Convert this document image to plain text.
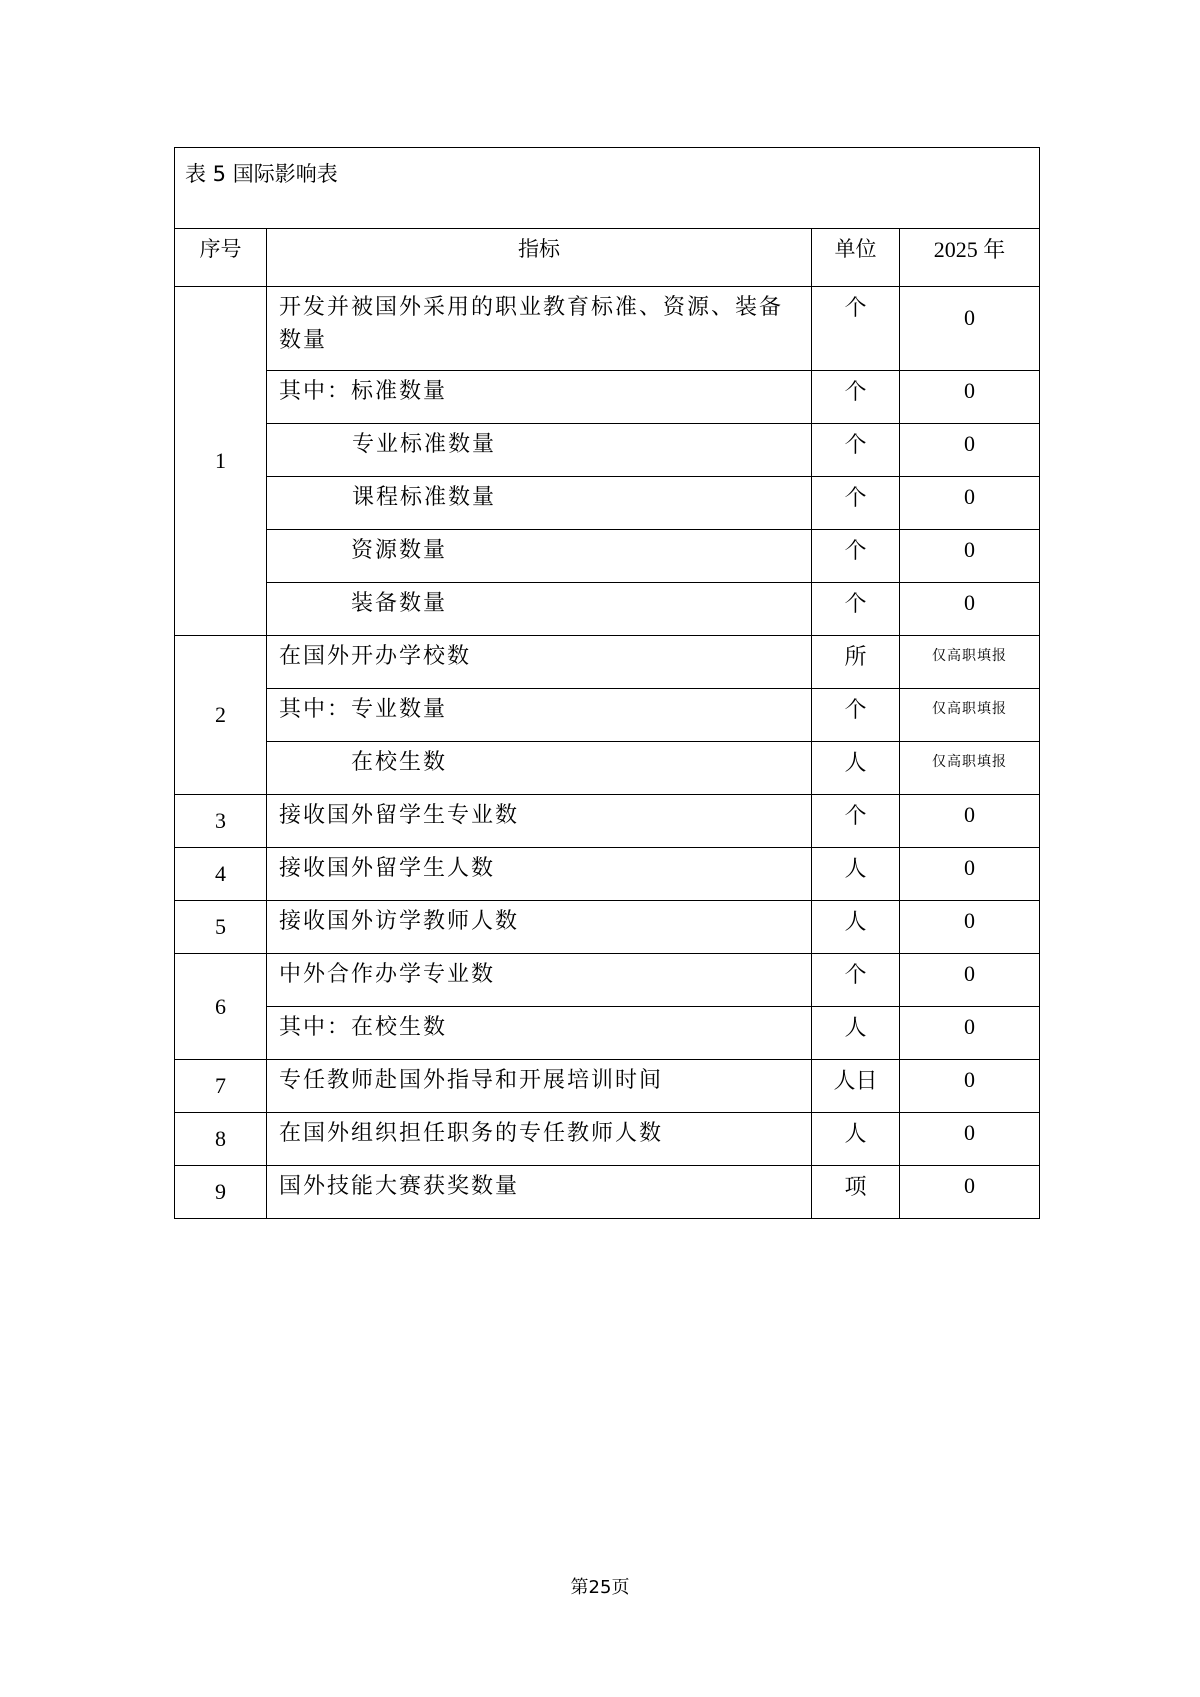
表 5 国际影响表			
序号	指标	单位	2025 年
1	开发并被国外采用的职业教育标准、资源、装备数量	个	0
	其中：标准数量	个	0
	专业标准数量	个	0
	课程标准数量	个	0
	资源数量	个	0
	装备数量	个	0
2	在国外开办学校数	所	仅高职填报
	其中：专业数量	个	仅高职填报
	在校生数	人	仅高职填报
3	接收国外留学生专业数	个	0
4	接收国外留学生人数	人	0
5	接收国外访学教师人数	人	0
6	中外合作办学专业数	个	0
	其中：在校生数	人	0
7	专任教师赴国外指导和开展培训时间	人日	0
8	在国外组织担任职务的专任教师人数	人	0
9	国外技能大赛获奖数量	项	0
第25页
